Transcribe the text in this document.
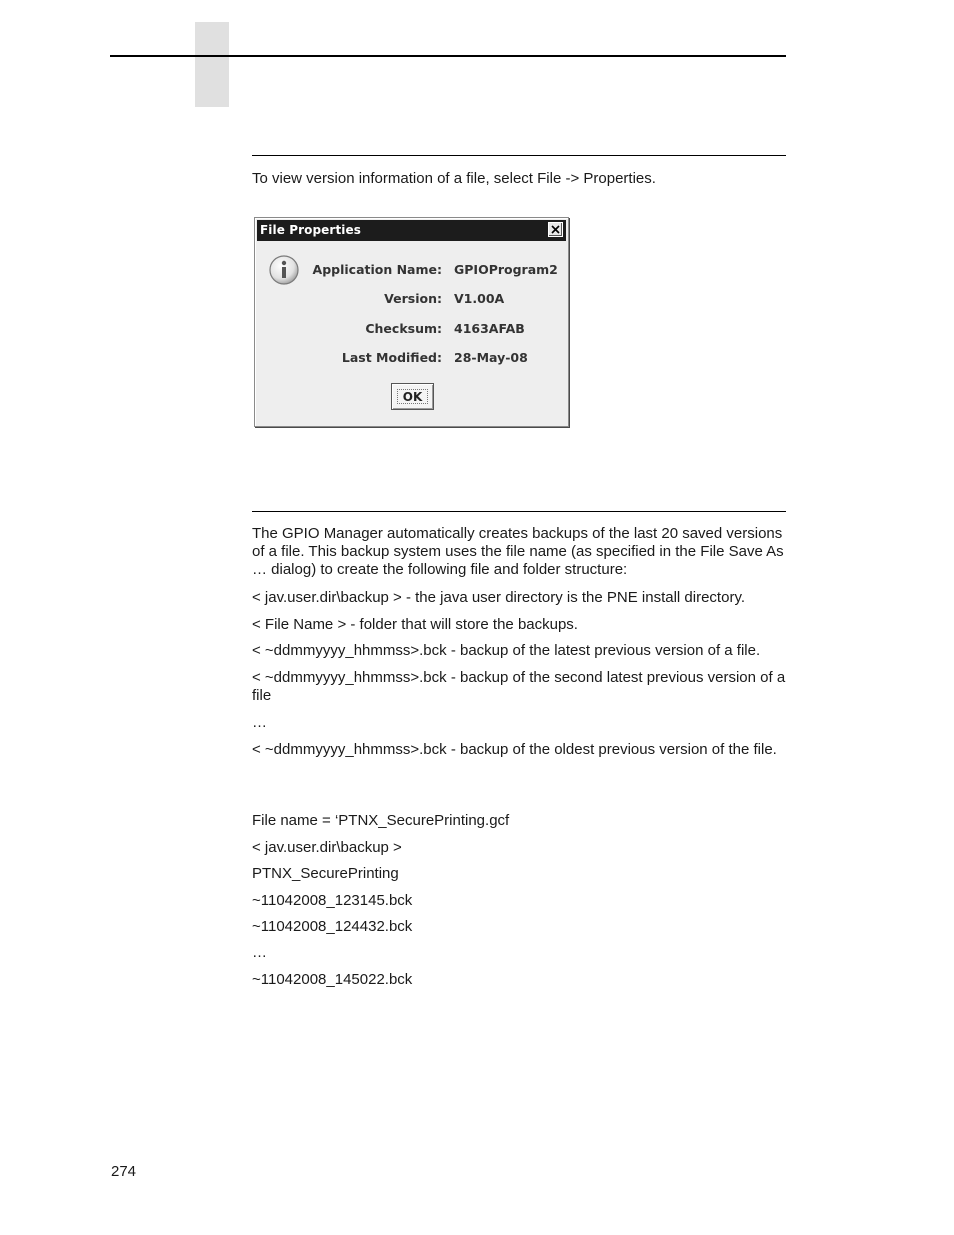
To view version information of a file, select File -> Properties.

File Properties
Application Name: GPIOProgram2
Version: V1.00A
Checksum: 4163AFAB
Last Modified: 28-May-08
OK

The GPIO Manager automatically creates backups of the last 20 saved versions of a file. This backup system uses the file name (as specified in the File Save As … dialog) to create the following file and folder structure:

< jav.user.dir\backup > - the java user directory is the PNE install directory.

< File Name > - folder that will store the backups.

< ~ddmmyyyy_hhmmss>.bck - backup of the latest previous version of a file.

< ~ddmmyyyy_hhmmss>.bck - backup of the second latest previous version of a file

…

< ~ddmmyyyy_hhmmss>.bck - backup of the oldest previous version of the file.

File name = ‘PTNX_SecurePrinting.gcf

< jav.user.dir\backup >

PTNX_SecurePrinting

~11042008_123145.bck

~11042008_124432.bck

…

~11042008_145022.bck

274
